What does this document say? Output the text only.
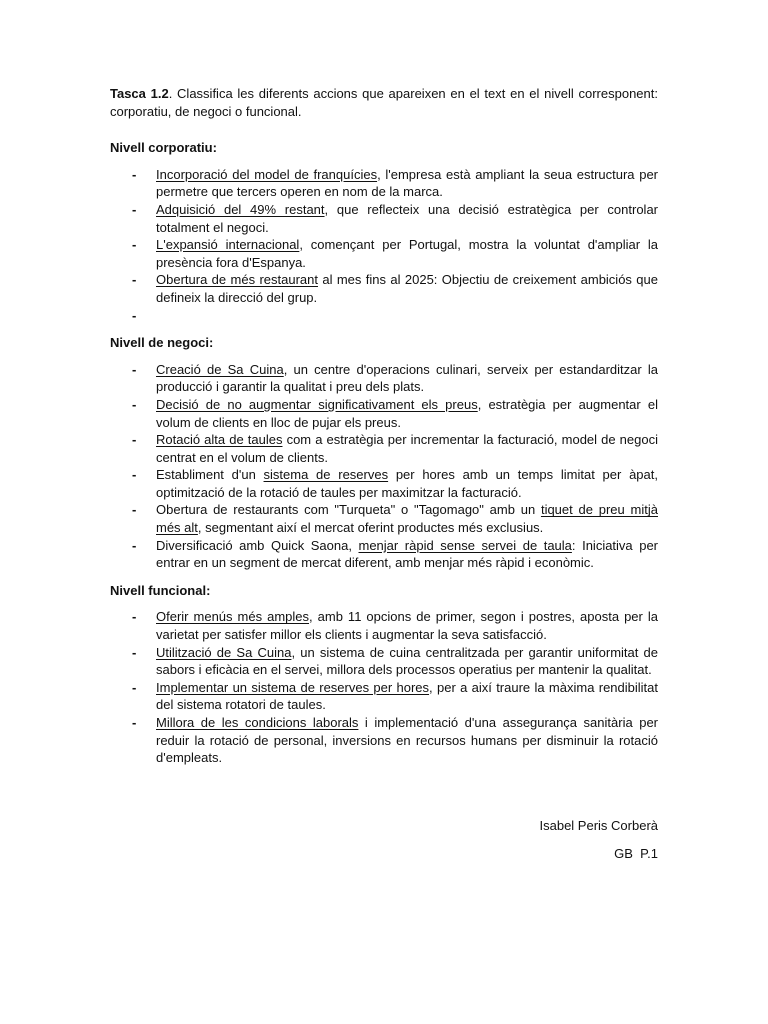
Tasca 1.2. Classifica les diferents accions que apareixen en el text en el nivell corresponent: corporatiu, de negoci o funcional.

Nivell corporatiu:
- Incorporació del model de franquícies, l'empresa està ampliant la seua estructura per permetre que tercers operen en nom de la marca.
- Adquisició del 49% restant, que reflecteix una decisió estratègica per controlar totalment el negoci.
- L'expansió internacional, començant per Portugal, mostra la voluntat d'ampliar la presència fora d'Espanya.
- Obertura de més restaurant al mes fins al 2025: Objectiu de creixement ambiciós que defineix la direcció del grup.
-
Nivell de negoci:
- Creació de Sa Cuina, un centre d'operacions culinari, serveix per estandarditzar la producció i garantir la qualitat i preu dels plats.
- Decisió de no augmentar significativament els preus, estratègia per augmentar el volum de clients en lloc de pujar els preus.
- Rotació alta de taules com a estratègia per incrementar la facturació, model de negoci centrat en el volum de clients.
- Establiment d'un sistema de reserves per hores amb un temps limitat per àpat, optimització de la rotació de taules per maximitzar la facturació.
- Obertura de restaurants com "Turqueta" o "Tagomago" amb un tiquet de preu mitjà més alt, segmentant així el mercat oferint productes més exclusius.
- Diversificació amb Quick Saona, menjar ràpid sense servei de taula: Iniciativa per entrar en un segment de mercat diferent, amb menjar més ràpid i econòmic.
Nivell funcional:
- Oferir menús més amples, amb 11 opcions de primer, segon i postres, aposta per la varietat per satisfer millor els clients i augmentar la seva satisfacció.
- Utilització de Sa Cuina, un sistema de cuina centralitzada per garantir uniformitat de sabors i eficàcia en el servei, millora dels processos operatius per mantenir la qualitat.
- Implementar un sistema de reserves per hores, per a així traure la màxima rendibilitat del sistema rotatori de taules.
- Millora de les condicions laborals i implementació d'una assegurança sanitària per reduir la rotació de personal, inversions en recursos humans per disminuir la rotació d'empleats.
Isabel Peris Corberà
GB  P.1
